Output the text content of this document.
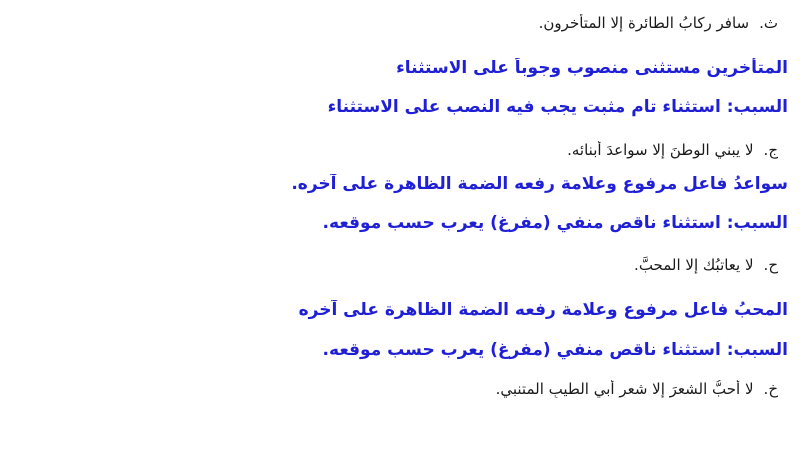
ث.سافر ركابُ الطائرة إلا المتأخرون.
المتأخرين مستثنى منصوب وجوباً على الاستثناء
السبب: استثناء تام مثبت يجب فيه النصب على الاستثناء
ج.لا يبني الوطنَ إلا سواعدَ أبنائه.
سواعدُ فاعل مرفوع وعلامة رفعه الضمة الظاهرة على آخره.
السبب: استثناء ناقص منفي (مفرغ) يعرب حسب موقعه.
ح.لا يعاتبُك إلا المحبَّ.
المحبُ فاعل مرفوع وعلامة رفعه الضمة الظاهرة على آخره
السبب: استثناء ناقص منفي (مفرغ) يعرب حسب موقعه.
خ.لا أحبُّ الشعرَ إلا شعرِ أبي الطيبِ المتنبي.
